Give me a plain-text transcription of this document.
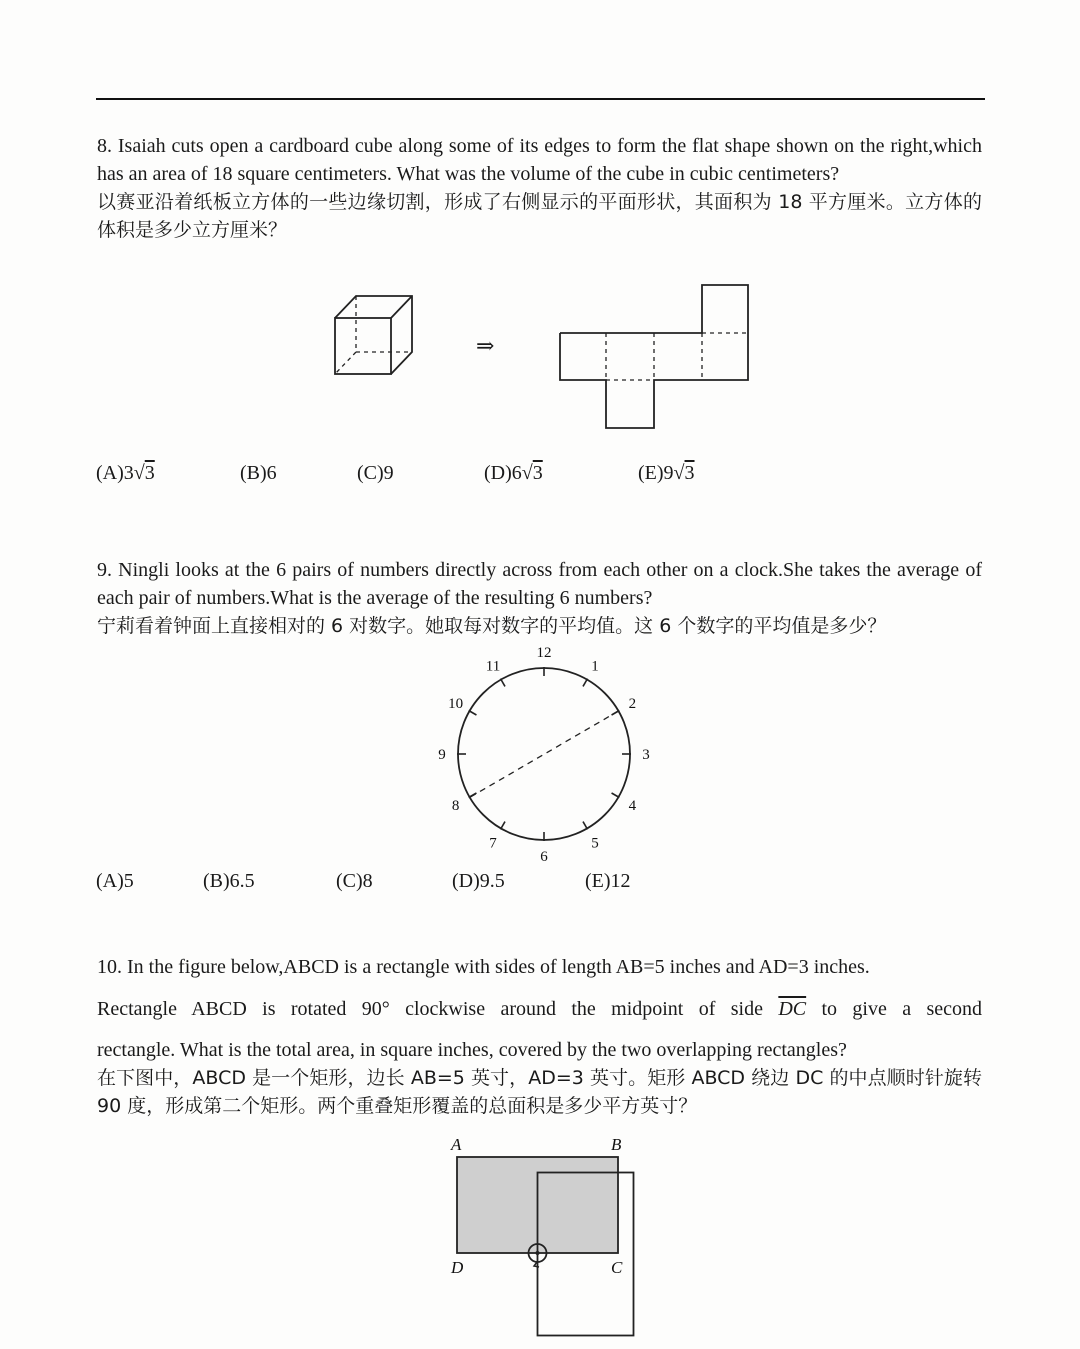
8. Isaiah cuts open a cardboard cube along some of its edges to form the flat shape shown on the right,which has an area of 18 square centimeters. What was the volume of the cube in cubic centimeters?
以赛亚沿着纸板立方体的一些边缘切割，形成了右侧显示的平面形状，其面积为 18 平方厘米。立方体的体积是多少立方厘米？
⇒
(A)3√3	(B)6	(C)9	(D)6√3	(E)9√3
9. Ningli looks at the 6 pairs of numbers directly across from each other on a clock.She takes the average of each pair of numbers.What is the average of the resulting 6 numbers?
宁莉看着钟面上直接相对的 6 对数字。她取每对数字的平均值。这 6 个数字的平均值是多少？
12
1
2
3
4
5
6
7
8
9
10
11
(A)5	(B)6.5	(C)8	(D)9.5	(E)12
10. In the figure below,ABCD is a rectangle with sides of length AB=5 inches and AD=3 inches.
Rectangle ABCD is rotated 90° clockwise around the midpoint of side $\overline{DC}$ to give a second
rectangle. What is the total area, in square inches, covered by the two overlapping rectangles?
在下图中，ABCD 是一个矩形，边长 AB=5 英寸，AD=3 英寸。矩形 ABCD 绕边 DC 的中点顺时针旋转 90 度，形成第二个矩形。两个重叠矩形覆盖的总面积是多少平方英寸？
A	B
C
D
